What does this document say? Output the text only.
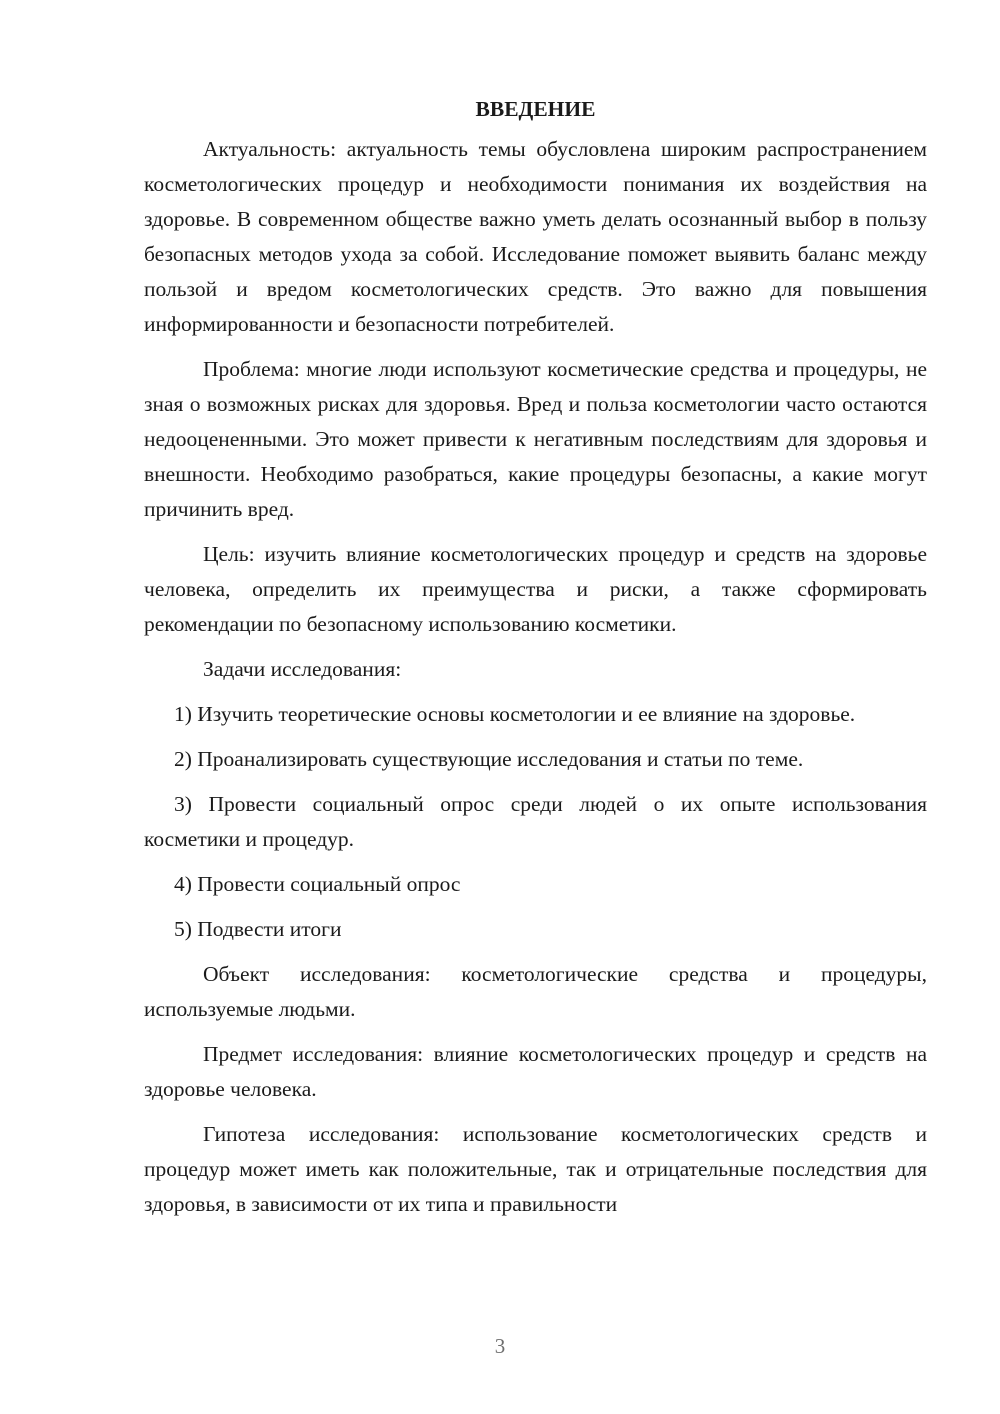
ВВЕДЕНИЕ

Актуальность: актуальность темы обусловлена широким распространением косметологических процедур и необходимости понимания их воздействия на здоровье. В современном обществе важно уметь делать осознанный выбор в пользу безопасных методов ухода за собой. Исследование поможет выявить баланс между пользой и вредом косметологических средств. Это важно для повышения информированности и безопасности потребителей.

Проблема: многие люди используют косметические средства и процедуры, не зная о возможных рисках для здоровья. Вред и польза косметологии часто остаются недооцененными. Это может привести к негативным последствиям для здоровья и внешности. Необходимо разобраться, какие процедуры безопасны, а какие могут причинить вред.

Цель: изучить влияние косметологических процедур и средств на здоровье человека, определить их преимущества и риски, а также сформировать рекомендации по безопасному использованию косметики.

Задачи исследования:

1) Изучить теоретические основы косметологии и ее влияние на здоровье.

2) Проанализировать существующие исследования и статьи по теме.

3) Провести социальный опрос среди людей о их опыте использования косметики и процедур.

4) Провести социальный опрос

5) Подвести итоги

Объект исследования: косметологические средства и процедуры, используемые людьми.

Предмет исследования: влияние косметологических процедур и средств на здоровье человека.

Гипотеза исследования: использование косметологических средств и процедур может иметь как положительные, так и отрицательные последствия для здоровья, в зависимости от их типа и правильности

3
